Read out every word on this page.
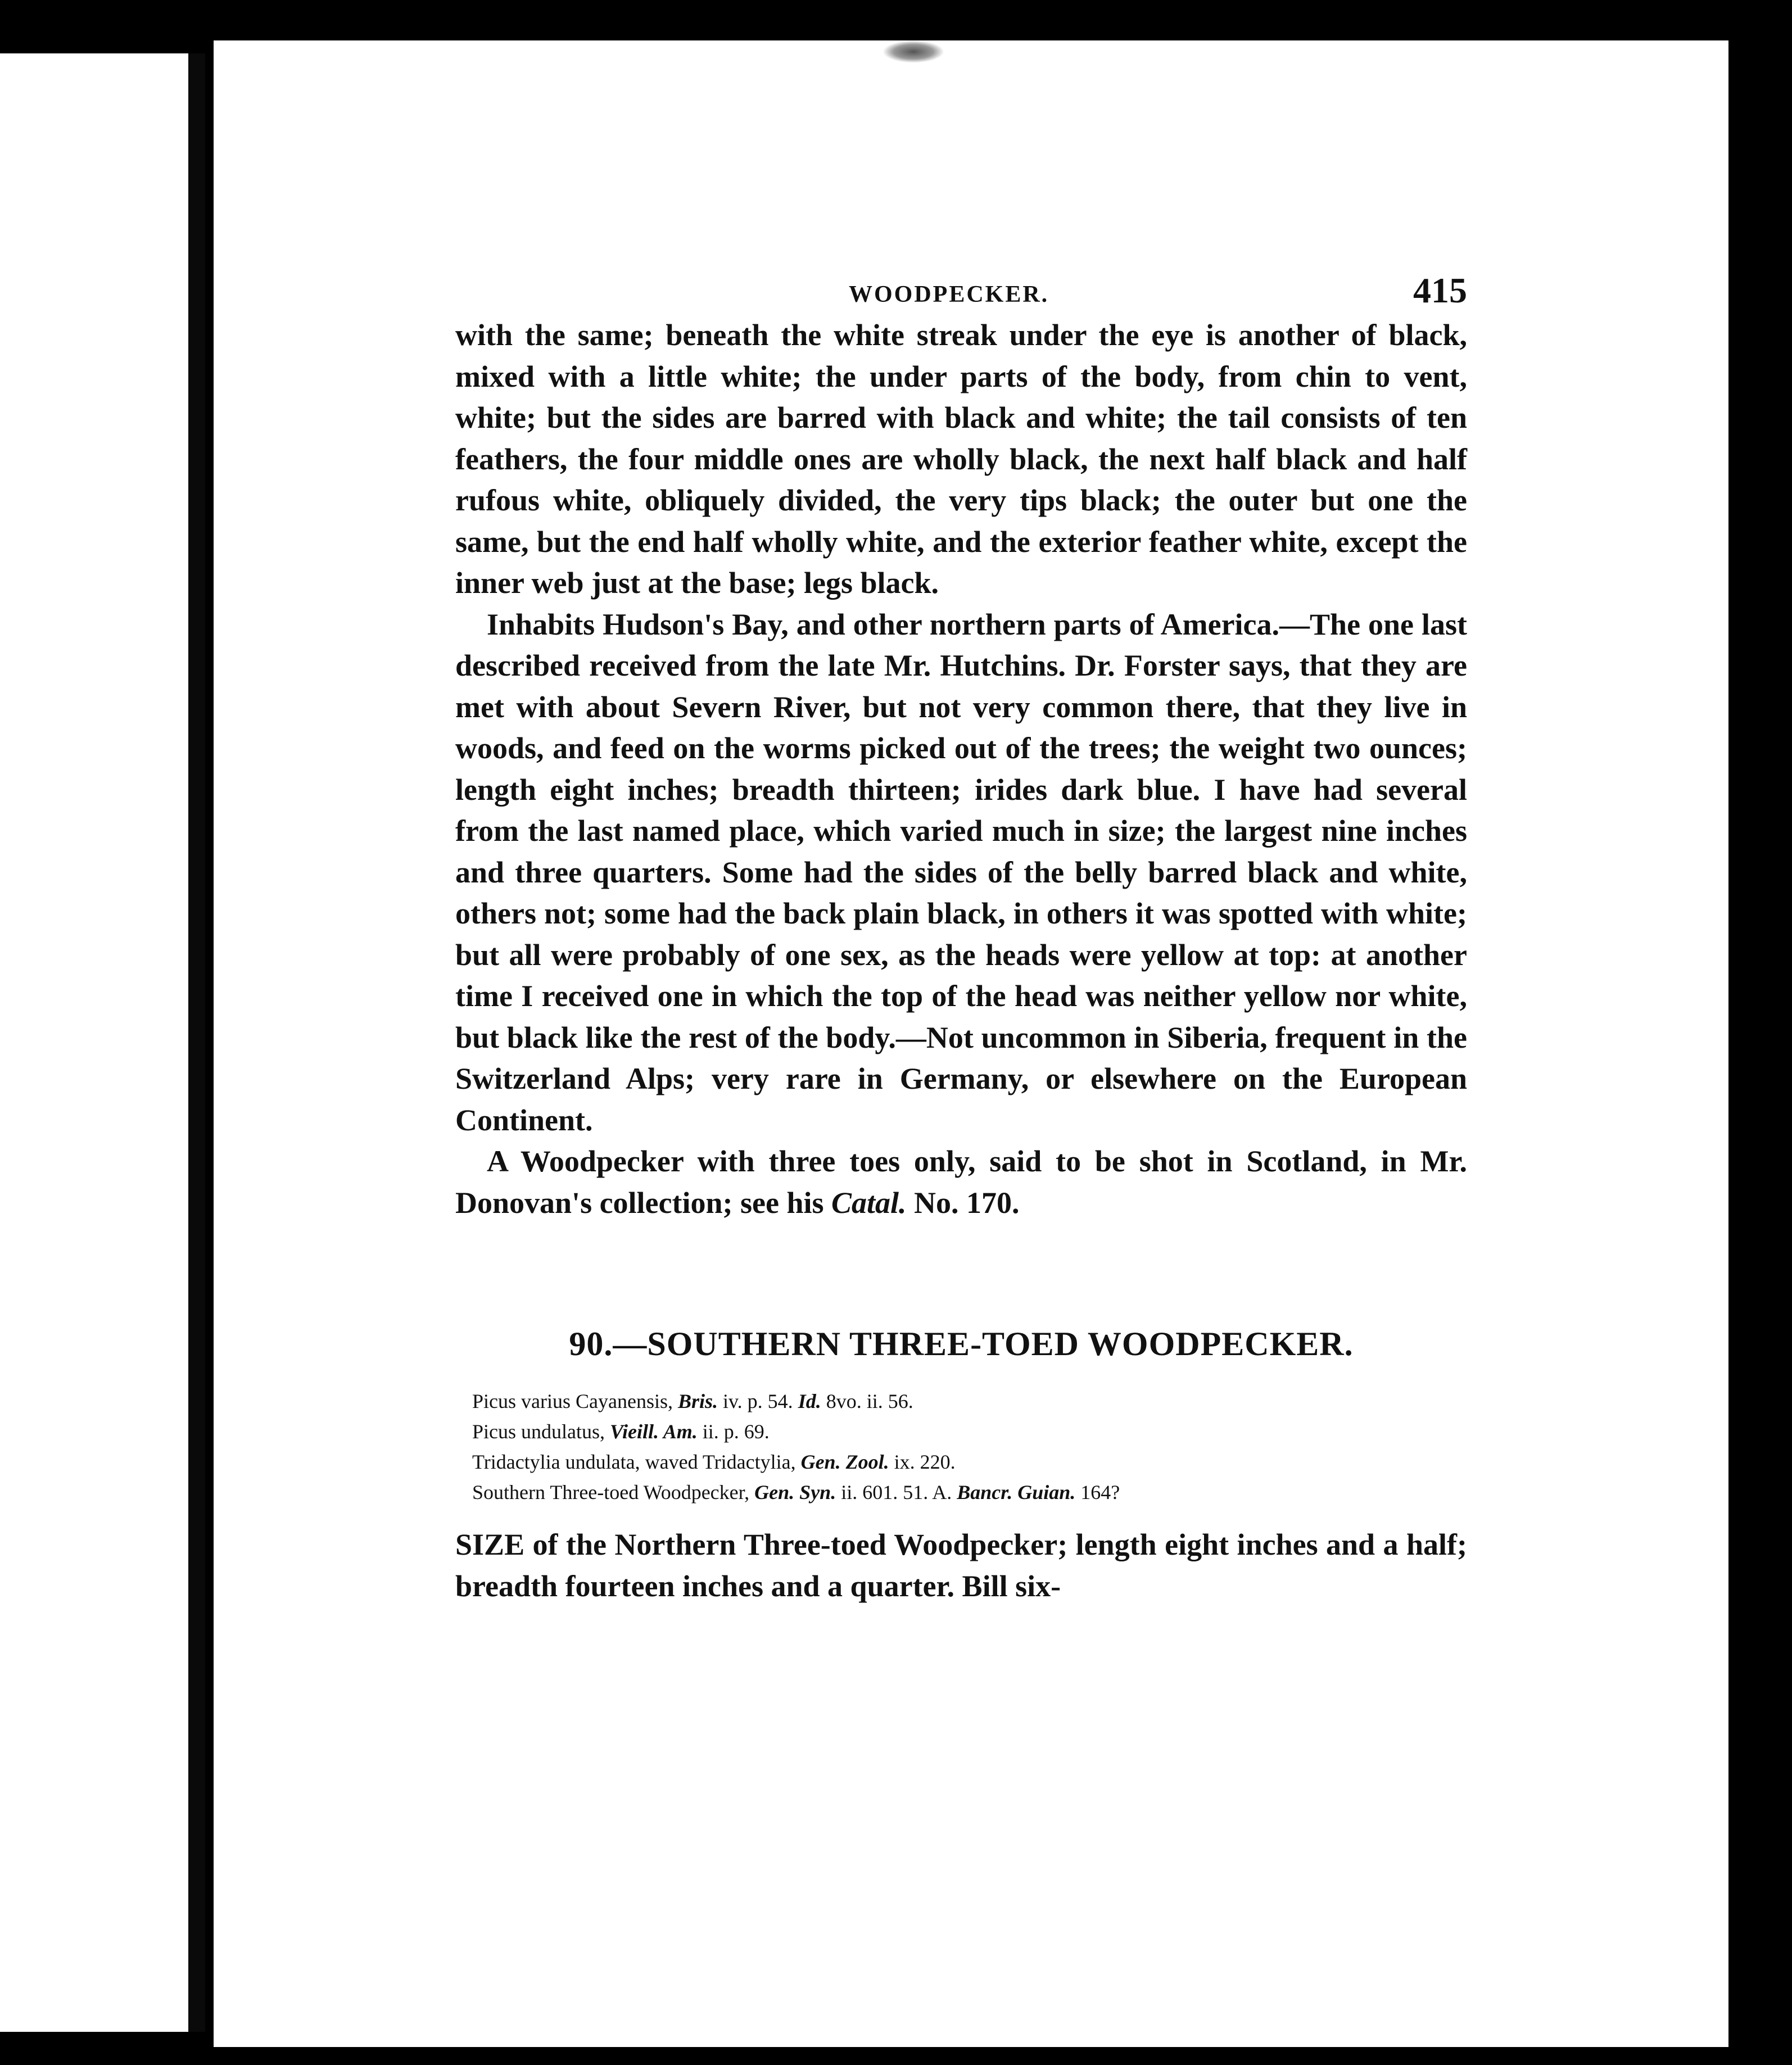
WOODPECKER.	415

with the same; beneath the white streak under the eye is another of black, mixed with a little white; the under parts of the body, from chin to vent, white; but the sides are barred with black and white; the tail consists of ten feathers, the four middle ones are wholly black, the next half black and half rufous white, obliquely divided, the very tips black; the outer but one the same, but the end half wholly white, and the exterior feather white, except the inner web just at the base; legs black.

Inhabits Hudson's Bay, and other northern parts of America.—The one last described received from the late Mr. Hutchins. Dr. Forster says, that they are met with about Severn River, but not very common there, that they live in woods, and feed on the worms picked out of the trees; the weight two ounces; length eight inches; breadth thirteen; irides dark blue. I have had several from the last named place, which varied much in size; the largest nine inches and three quarters. Some had the sides of the belly barred black and white, others not; some had the back plain black, in others it was spotted with white; but all were probably of one sex, as the heads were yellow at top: at another time I received one in which the top of the head was neither yellow nor white, but black like the rest of the body.—Not uncommon in Siberia, frequent in the Switzerland Alps; very rare in Germany, or elsewhere on the European Continent.

A Woodpecker with three toes only, said to be shot in Scotland, in Mr. Donovan's collection; see his Catal. No. 170.

90.—SOUTHERN THREE-TOED WOODPECKER.
Picus varius Cayanensis, Bris. iv. p. 54. Id. 8vo. ii. 56.
Picus undulatus, Vieill. Am. ii. p. 69.
Tridactylia undulata, waved Tridactylia, Gen. Zool. ix. 220.
Southern Three-toed Woodpecker, Gen. Syn. ii. 601. 51. A. Bancr. Guian. 164?

SIZE of the Northern Three-toed Woodpecker; length eight inches and a half; breadth fourteen inches and a quarter. Bill six-
